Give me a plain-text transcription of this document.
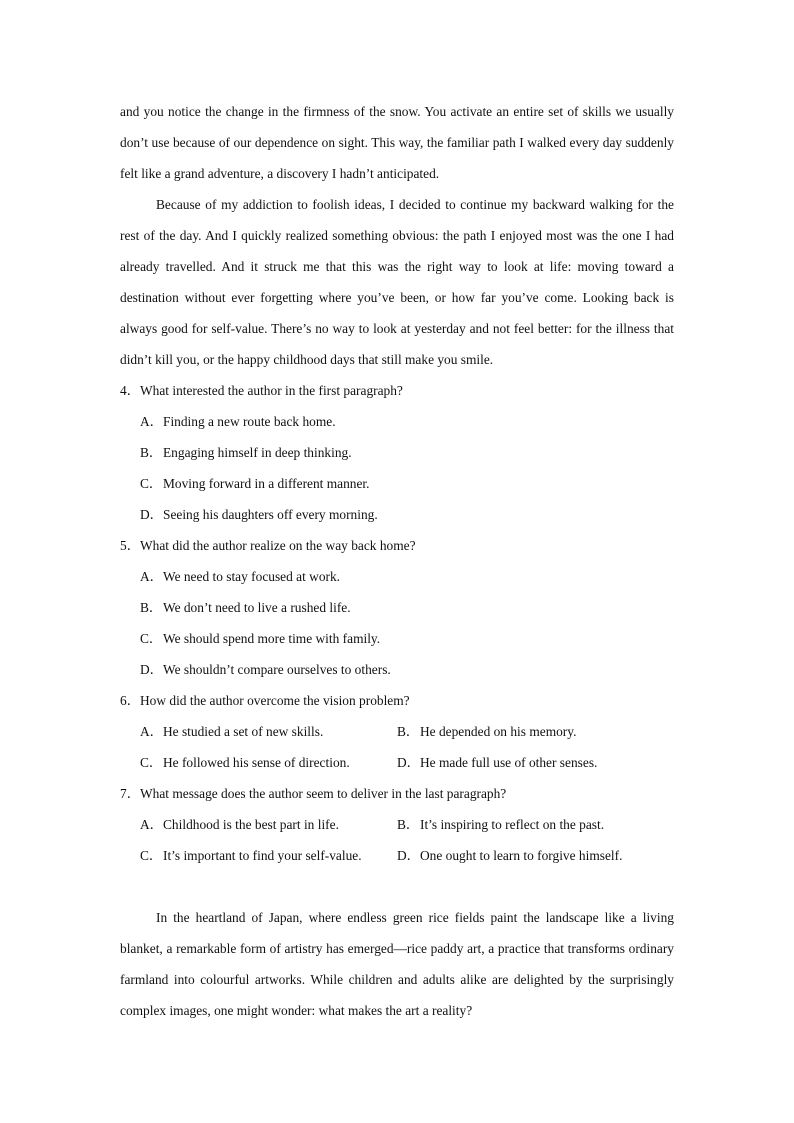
and you notice the change in the firmness of the snow. You activate an entire set of skills we usually don’t use because of our dependence on sight. This way, the familiar path I walked every day suddenly felt like a grand adventure, a discovery I hadn’t anticipated.

Because of my addiction to foolish ideas, I decided to continue my backward walking for the rest of the day. And I quickly realized something obvious: the path I enjoyed most was the one I had already travelled. And it struck me that this was the right way to look at life: moving toward a destination without ever forgetting where you’ve been, or how far you’ve come. Looking back is always good for self-value. There’s no way to look at yesterday and not feel better: for the illness that didn’t kill you, or the happy childhood days that still make you smile.

4． What interested the author in the first paragraph?
A． Finding a new route back home.
B． Engaging himself in deep thinking.
C． Moving forward in a different manner.
D． Seeing his daughters off every morning.
5． What did the author realize on the way back home?
A． We need to stay focused at work.
B． We don’t need to live a rushed life.
C． We should spend more time with family.
D． We shouldn’t compare ourselves to others.
6． How did the author overcome the vision problem?
A． He studied a set of new skills.	B． He depended on his memory.
C． He followed his sense of direction.	D． He made full use of other senses.
7． What message does the author seem to deliver in the last paragraph?
A． Childhood is the best part in life.	B． It’s inspiring to reflect on the past.
C． It’s important to find your self-value.	D． One ought to learn to forgive himself.

In the heartland of Japan, where endless green rice fields paint the landscape like a living blanket, a remarkable form of artistry has emerged—rice paddy art, a practice that transforms ordinary farmland into colourful artworks. While children and adults alike are delighted by the surprisingly complex images, one might wonder: what makes the art a reality?
